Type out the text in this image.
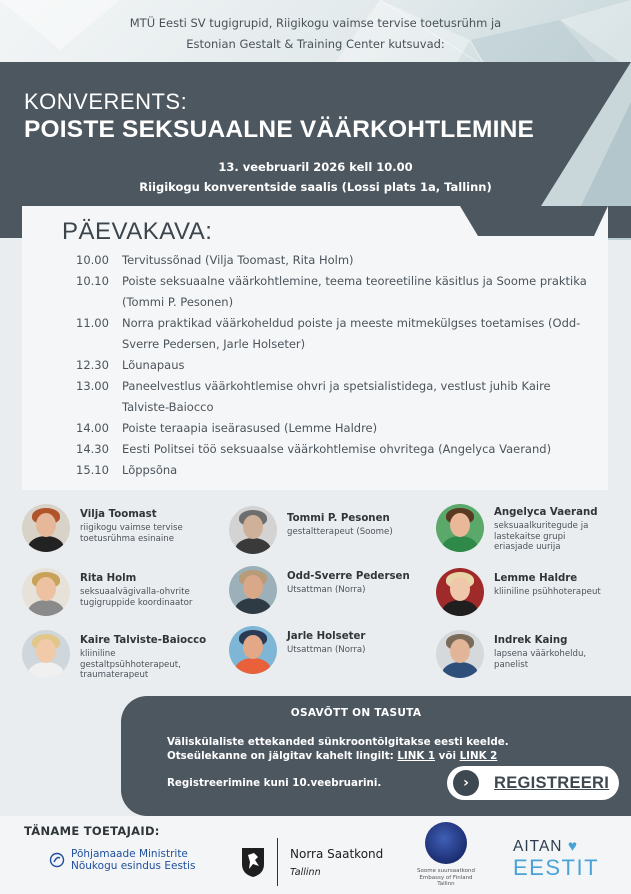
MTÜ Eesti SV tugigrupid, Riigikogu vaimse tervise toetusrühm ja
Estonian Gestalt & Training Center kutsuvad:
KONVERENTS:
POISTE SEKSUAALNE VÄÄRKOHTLEMINE
13. veebruaril 2026 kell 10.00
Riigikogu konverentside saalis (Lossi plats 1a, Tallinn)
PÄEVAKAVA:
10.00	Tervitussõnad (Vilja Toomast, Rita Holm)
10.10	Poiste seksuaalne väärkohtlemine, teema teoreetiline käsitlus ja Soome praktika (Tommi P. Pesonen)
11.00	Norra praktikad väärkoheldud poiste ja meeste mitmekülgses toetamises (Odd-Sverre Pedersen, Jarle Holseter)
12.30	Lõunapaus
13.00	Paneelvestlus väärkohtlemise ohvri ja spetsialistidega, vestlust juhib Kaire Talviste-Baiocco
14.00	Poiste teraapia iseärasused (Lemme Haldre)
14.30	Eesti Politsei töö seksuaalse väärkohtlemise ohvritega (Angelyca Vaerand)
15.10	Lõppsõna
Vilja Toomast
riigikogu vaimse tervise toetusrühma esinaine
Rita Holm
seksuaalvägivalla-ohvrite tugigruppide koordinaator
Kaire Talviste-Baiocco
kliiniline gestaltpsühhoterapeut, traumaterapeut
Tommi P. Pesonen
gestaltterapeut (Soome)
Odd-Sverre Pedersen
Utsattman (Norra)
Jarle Holseter
Utsattman (Norra)
Angelyca Vaerand
seksuaalkuritegude ja lastekaitse grupi eriasjade uurija
Lemme Haldre
kliiniline psühhoterapeut
Indrek Kaing
lapsena väärkoheldu, panelist
OSAVÕTT ON TASUTA
Väliskülaliste ettekanded sünkroontõlgitakse eesti keelde.
Otseülekanne on jälgitav kahelt lingilt: LINK 1 või LINK 2
Registreerimine kuni 10.veebruarini.	›	REGISTREERI
TÄNAME TOETAJAID:
Põhjamaade Ministrite
Nõukogu esindus Eestis
Norra Saatkond
Tallinn	Soome suursaatkond
Embassy of Finland
Tallinn
AITAN ♥
EESTIT
